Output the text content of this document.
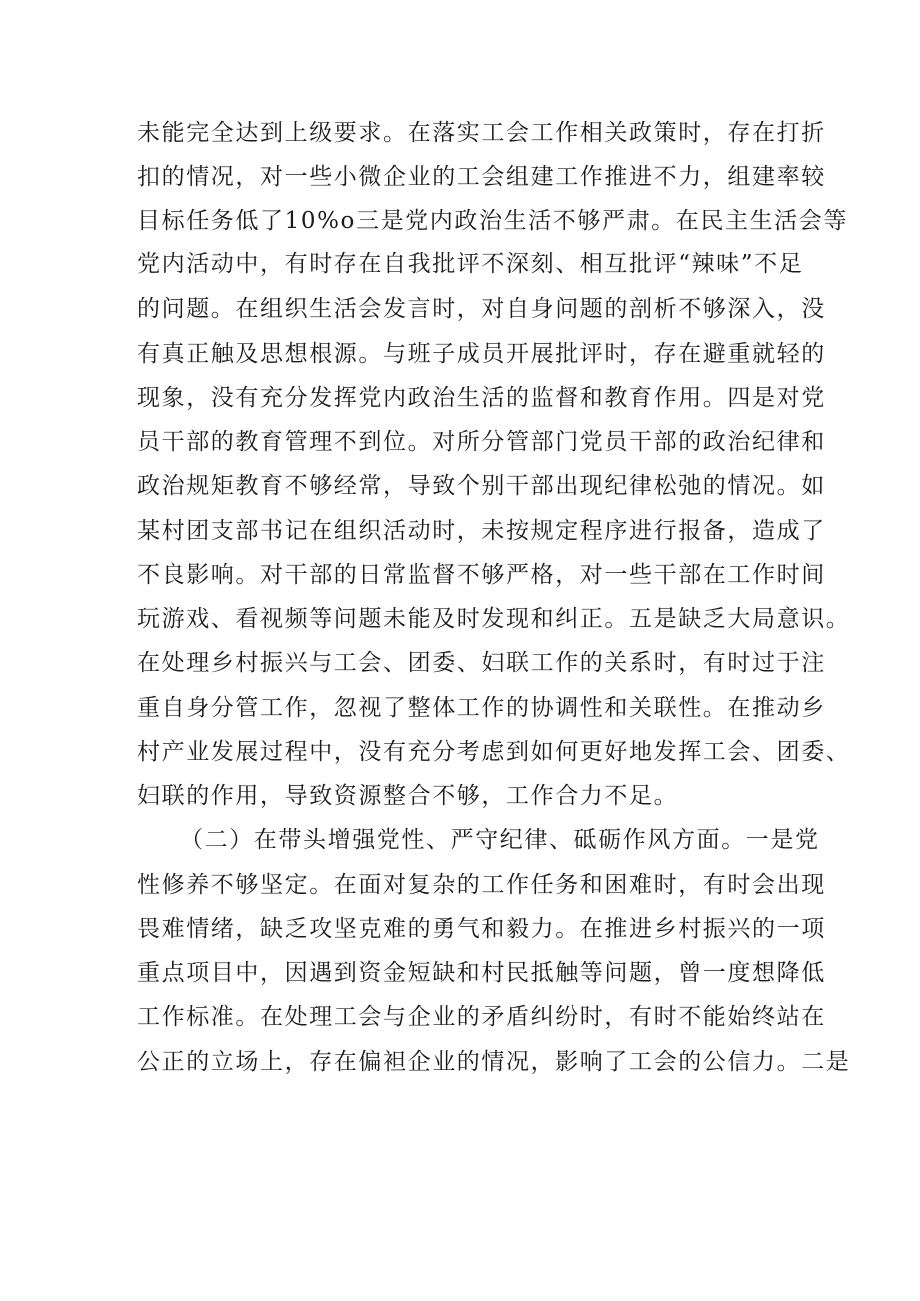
未能完全达到上级要求。在落实工会工作相关政策时，存在打折
扣的情况，对一些小微企业的工会组建工作推进不力，组建率较
目标任务低了10%o三是党内政治生活不够严肃。在民主生活会等
党内活动中，有时存在自我批评不深刻、相互批评“辣味”不足
的问题。在组织生活会发言时，对自身问题的剖析不够深入，没
有真正触及思想根源。与班子成员开展批评时，存在避重就轻的
现象，没有充分发挥党内政治生活的监督和教育作用。四是对党
员干部的教育管理不到位。对所分管部门党员干部的政治纪律和
政治规矩教育不够经常，导致个别干部出现纪律松弛的情况。如
某村团支部书记在组织活动时，未按规定程序进行报备，造成了
不良影响。对干部的日常监督不够严格，对一些干部在工作时间
玩游戏、看视频等问题未能及时发现和纠正。五是缺乏大局意识。
在处理乡村振兴与工会、团委、妇联工作的关系时，有时过于注
重自身分管工作，忽视了整体工作的协调性和关联性。在推动乡
村产业发展过程中，没有充分考虑到如何更好地发挥工会、团委、
妇联的作用，导致资源整合不够，工作合力不足。
（二）在带头增强党性、严守纪律、砥砺作风方面。一是党
性修养不够坚定。在面对复杂的工作任务和困难时，有时会出现
畏难情绪，缺乏攻坚克难的勇气和毅力。在推进乡村振兴的一项
重点项目中，因遇到资金短缺和村民抵触等问题，曾一度想降低
工作标准。在处理工会与企业的矛盾纠纷时，有时不能始终站在
公正的立场上，存在偏袒企业的情况，影响了工会的公信力。二是
